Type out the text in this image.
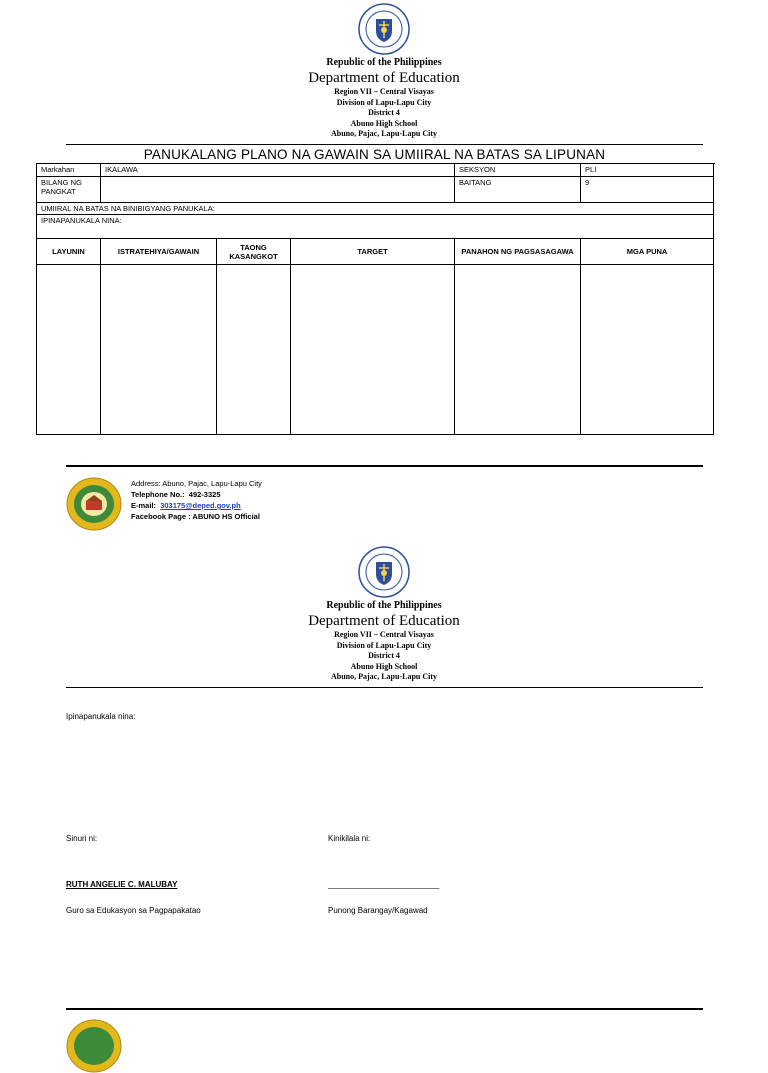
Republic of the Philippines
Department of Education
Region VII – Central Visayas
Division of Lapu-Lapu City
District 4
Abuno High School
Abuno, Pajac, Lapu-Lapu City
PANUKALANG PLANO NA GAWAIN SA UMIIRAL NA BATAS SA LIPUNAN
Markahan	IKALAWA			SEKSYON	PLI
BILANG NG PANGKAT				BAITANG	9
UMIIRAL NA BATAS NA BINIBIGYANG PANUKALA:					
IPINAPANUKALA NINA:					
LAYUNIN	ISTRATEHIYA/GAWAIN	TAONG KASANGKOT	TARGET	PANAHON NG PAGSASAGAWA	MGA PUNA

Address: Abuno, Pajac, Lapu-Lapu City
Telephone No.: 492-3325
E-mail: 303175@deped.gov.ph
Facebook Page : ABUNO HS Official
Republic of the Philippines
Department of Education
Region VII – Central Visayas
Division of Lapu-Lapu City
District 4
Abuno High School
Abuno, Pajac, Lapu-Lapu City
Ipinapanukala nina:
Sinuri ni:	Kinikilala ni:
RUTH ANGELIE C. MALUBAY	_________________________
Guro sa Edukasyon sa Pagpapakatao	Punong Barangay/Kagawad
